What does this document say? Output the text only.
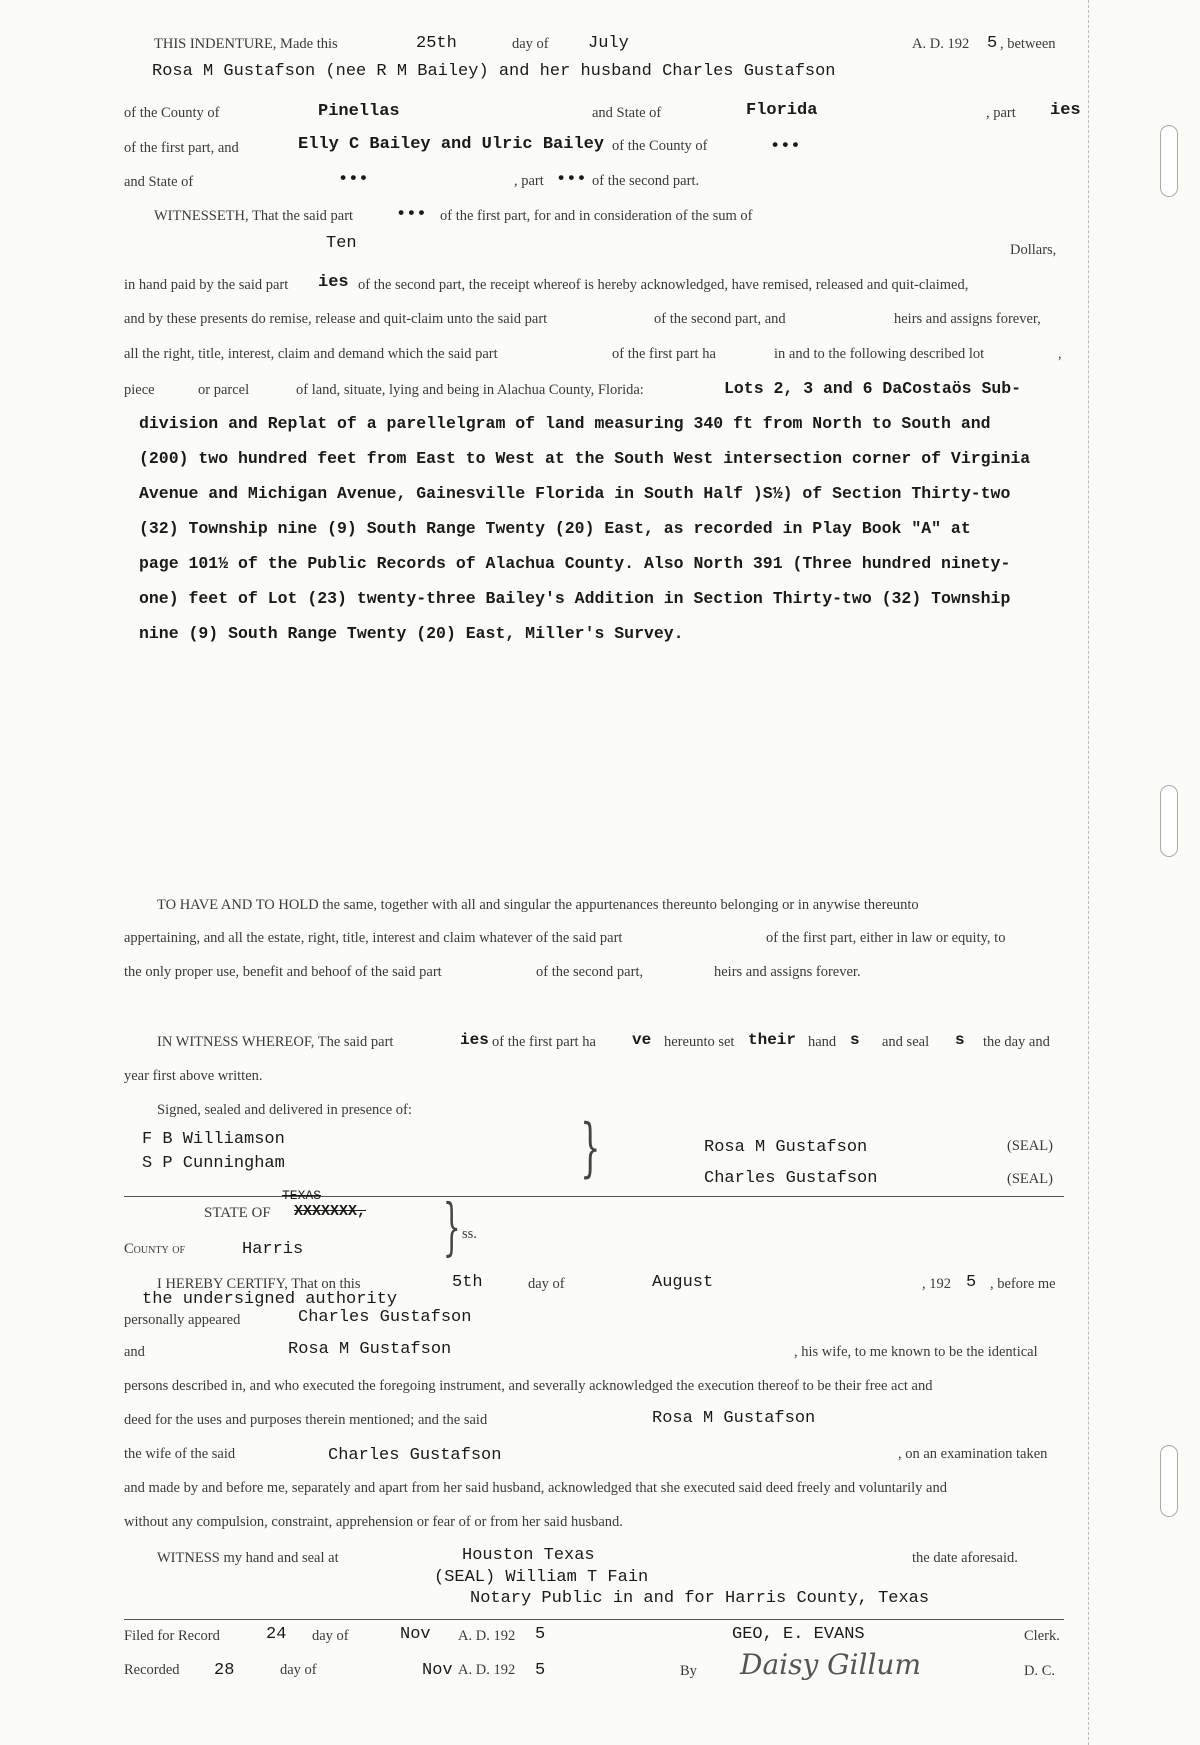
THIS INDENTURE, Made this	25th	day of July	A. D. 192 5 , between
Rosa M Gustafson (nee R M Bailey) and her husband Charles Gustafson
of the County of	Pinellas	and State of	Florida	, part ies
of the first part, and	Elly C Bailey and Ulric Bailey of the County of	•••
and State of	•••	, part ••• of the second part.
WITNESSETH, That the said part	••• of the first part, for and in consideration of the sum of
Ten	Dollars,
in hand paid by the said part ies of the second part, the receipt whereof is hereby acknowledged, have remised, released and quit-claimed,
and by these presents do remise, release and quit-claim unto the said part	of the second part, and	heirs and assigns forever,
all the right, title, interest, claim and demand which the said part	of the first part ha	in and to the following described lot	,
piece	or parcel	of land, situate, lying and being in Alachua County, Florida:	Lots 2, 3 and 6 DaCostaös Sub-
division and Replat of a parellelgram of land measuring 340 ft from North to South and
(200) two hundred feet from East to West at the South West intersection corner of Virginia
Avenue and Michigan Avenue, Gainesville Florida in South Half )S½) of Section Thirty-two
(32) Township nine (9) South Range Twenty (20) East, as recorded in Play Book "A" at
page 101½ of the Public Records of Alachua County. Also North 391 (Three hundred ninety-
one) feet of Lot (23) twenty-three Bailey's Addition in Section Thirty-two (32) Township
nine (9) South Range Twenty (20) East, Miller's Survey.
TO HAVE AND TO HOLD the same, together with all and singular the appurtenances thereunto belonging or in anywise thereunto
appertaining, and all the estate, right, title, interest and claim whatever of the said part	of the first part, either in law or equity, to
the only proper use, benefit and behoof of the said part	of the second part,	heirs and assigns forever.
IN WITNESS WHEREOF, The said part	ies of the first part ha ve hereunto set their hand s and seal s the day and
year first above written.
Signed, sealed and delivered in presence of:
F B Williamson
S P Cunningham	}	Rosa M Gustafson	(SEAL)
Charles Gustafson	(SEAL)
TEXAS
STATE OF XXXXXXX, } ss.
County of	Harris
I HEREBY CERTIFY, That on this	5th	day of	August	, 192 5 , before me
the undersigned authority
personally appeared	Charles Gustafson
and	Rosa M Gustafson	, his wife, to me known to be the identical
persons described in, and who executed the foregoing instrument, and severally acknowledged the execution thereof to be their free act and
deed for the uses and purposes therein mentioned; and the said	Rosa M Gustafson
the wife of the said	Charles Gustafson	, on an examination taken
and made by and before me, separately and apart from her said husband, acknowledged that she executed said deed freely and voluntarily and
without any compulsion, constraint, apprehension or fear of or from her said husband.
WITNESS my hand and seal at	Houston Texas	the date aforesaid.
(SEAL) William T Fain
Notary Public in and for Harris County, Texas
Filed for Record	24 day of	Nov A. D. 192 5	GEO, E. EVANS	Clerk.
Recorded 28	day of	Nov A. D. 192 5	By Daisy Gillum	D. C.
